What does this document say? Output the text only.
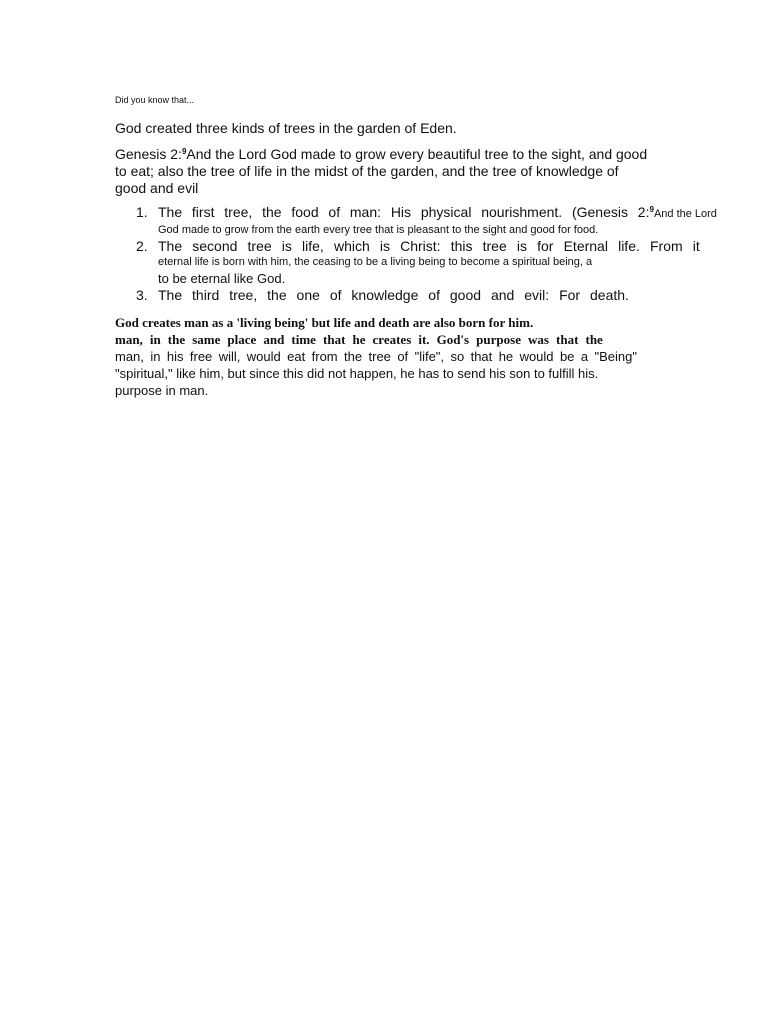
Did you know that...
God created three kinds of trees in the garden of Eden.
Genesis 2:$^9$And the Lord God made to grow every beautiful tree to the sight, and good
to eat; also the tree of life in the midst of the garden, and the tree of knowledge of
good and evil
1. The first tree, the food of man: His physical nourishment. (Genesis 2:$^9$And the Lord
God made to grow from the earth every tree that is pleasant to the sight and good for food.
2. The second tree is life, which is Christ: this tree is for Eternal life. From it
eternal life is born with him, the ceasing to be a living being to become a spiritual being, a
to be eternal like God.
3. The third tree, the one of knowledge of good and evil: For death.
God creates man as a 'living being' but life and death are also born for him.
man, in the same place and time that he creates it. God's purpose was that the
man, in his free will, would eat from the tree of "life", so that he would be a "Being"
"spiritual," like him, but since this did not happen, he has to send his son to fulfill his.
purpose in man.
